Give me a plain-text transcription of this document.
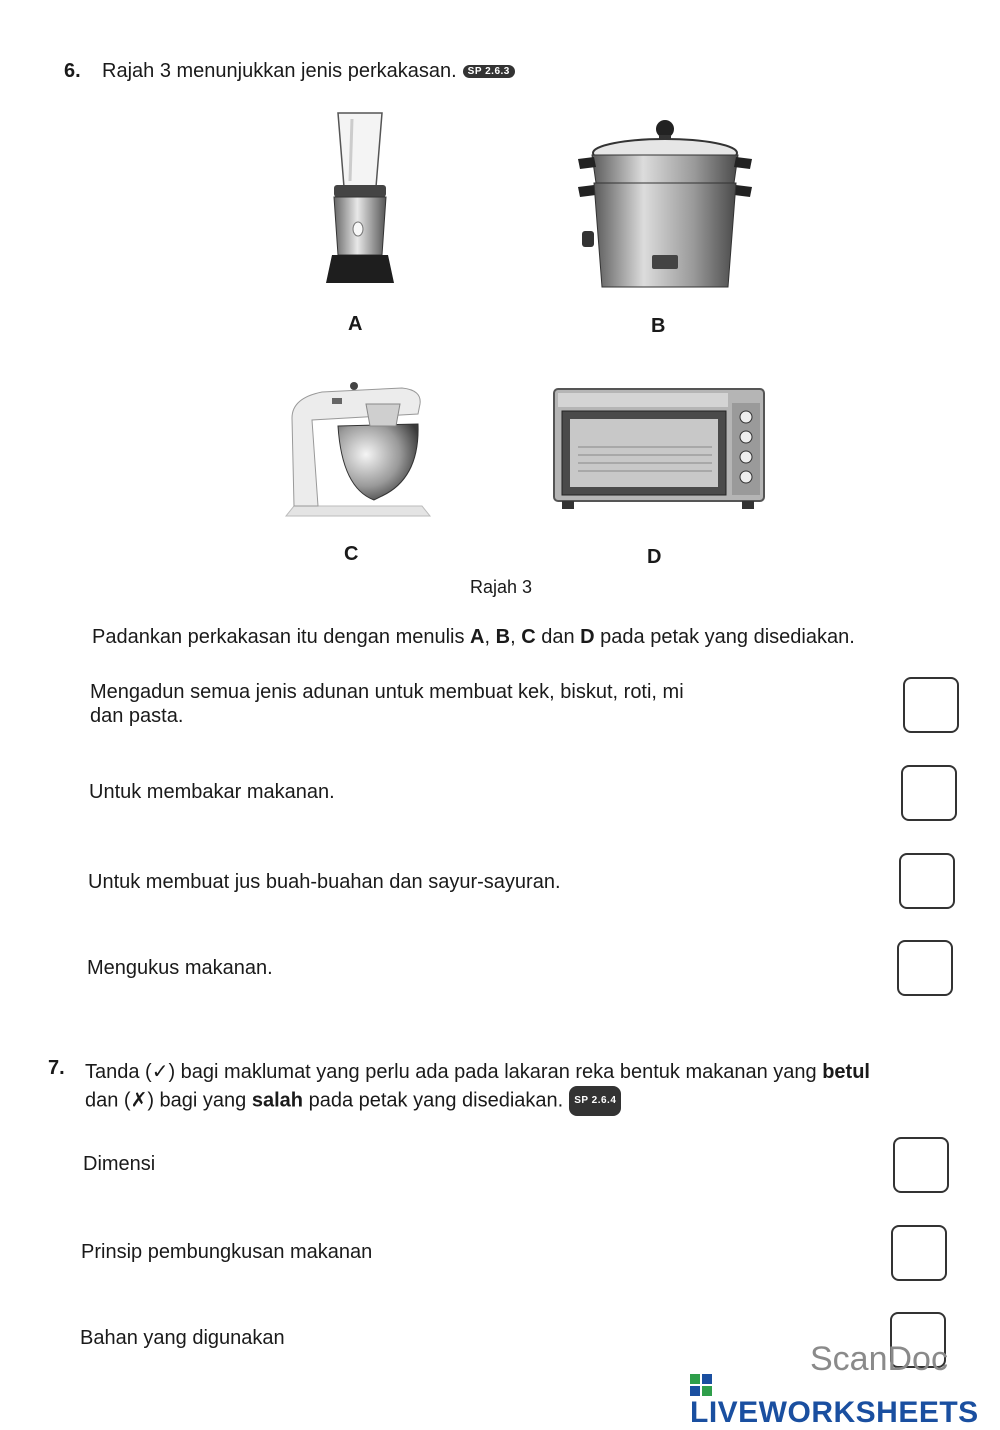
6. Rajah 3 menunjukkan jenis perkakasan. SP 2.6.3
A	B
C	D
Rajah 3
Padankan perkakasan itu dengan menulis A, B, C dan D pada petak yang disediakan.
Mengadun semua jenis adunan untuk membuat kek, biskut, roti, mi
dan pasta.
Untuk membakar makanan.
Untuk membuat jus buah-buahan dan sayur-sayuran.
Mengukus makanan.
7. Tanda (✓) bagi maklumat yang perlu ada pada lakaran reka bentuk makanan yang betul
dan (✗) bagi yang salah pada petak yang disediakan. SP 2.6.4
Dimensi
Prinsip pembungkusan makanan
Bahan yang digunakan
ScanDoc
LIVEWORKSHEETS
